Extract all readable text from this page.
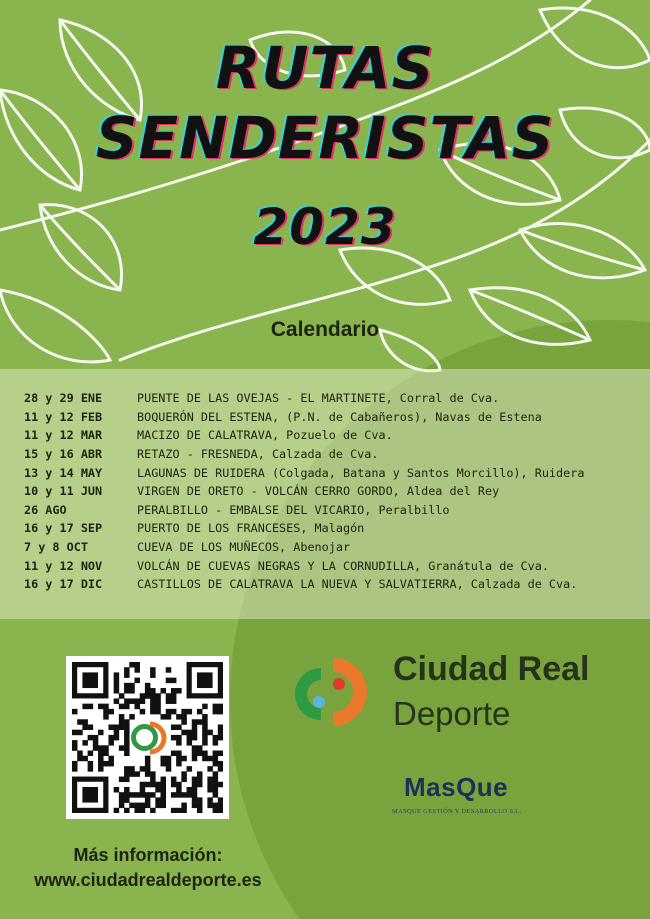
RUTAS
SENDERISTAS
2023
Calendario
28 y 29 ENE	PUENTE DE LAS OVEJAS - EL MARTINETE, Corral de Cva.
11 y 12 FEB	BOQUERÓN DEL ESTENA, (P.N. de Cabañeros), Navas de Estena
11 y 12 MAR	MACIZO DE CALATRAVA, Pozuelo de Cva.
15 y 16 ABR	RETAZO - FRESNEDA, Calzada de Cva.
13 y 14 MAY	LAGUNAS DE RUIDERA (Colgada, Batana y Santos Morcillo), Ruidera
10 y 11 JUN	VIRGEN DE ORETO - VOLCÁN CERRO GORDO, Aldea del Rey
26 AGO	PERALBILLO - EMBALSE DEL VICARIO, Peralbillo
16 y 17 SEP	PUERTO DE LOS FRANCESES, Malagón
7 y 8 OCT	CUEVA DE LOS MUÑECOS, Abenojar
11 y 12 NOV	VOLCÁN DE CUEVAS NEGRAS Y LA CORNUDILLA, Granátula de Cva.
16 y 17 DIC	CASTILLOS DE CALATRAVA LA NUEVA Y SALVATIERRA, Calzada de Cva.
Ciudad Real
Deporte
MasQue
MASQUE GESTIÓN Y DESARROLLO S.L.
Más información:
www.ciudadrealdeporte.es
